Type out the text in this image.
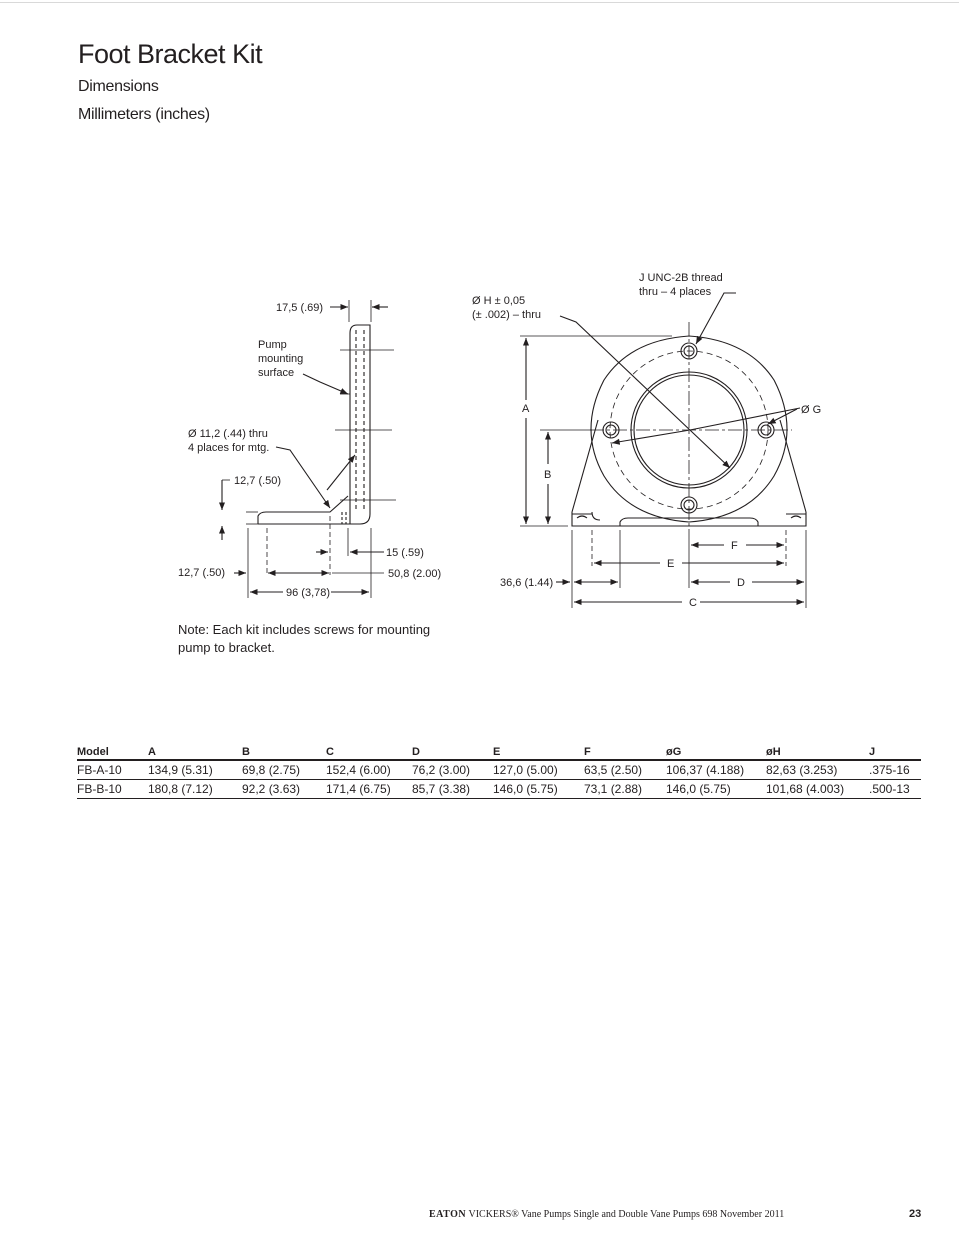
Foot Bracket Kit
Dimensions
Millimeters (inches)
17,5 (.69)
Pump
mounting
surface
Ø 11,2 (.44) thru
4 places for mtg.
12,7 (.50)
15 (.59)
12,7 (.50)	50,8 (2.00)
96 (3,78)
J UNC-2B thread
thru – 4 places
Ø H ± 0,05
(± .002) – thru
A
B
F
E
D
C
Ø G
36,6 (1.44)
Note: Each kit includes screws for mounting pump to bracket.
Model	A	B	C	D	E	F	øG	øH	J
FB-A-10	134,9 (5.31)	69,8 (2.75)	152,4 (6.00)	76,2 (3.00)	127,0 (5.00)	63,5 (2.50)	106,37 (4.188)	82,63 (3.253)	.375-16
FB-B-10	180,8 (7.12)	92,2 (3.63)	171,4 (6.75)	85,7 (3.38)	146,0 (5.75)	73,1 (2.88)	146,0 (5.75)	101,68 (4.003)	.500-13
EATON VICKERS® Vane Pumps Single and Double Vane Pumps 698 November 2011	23
